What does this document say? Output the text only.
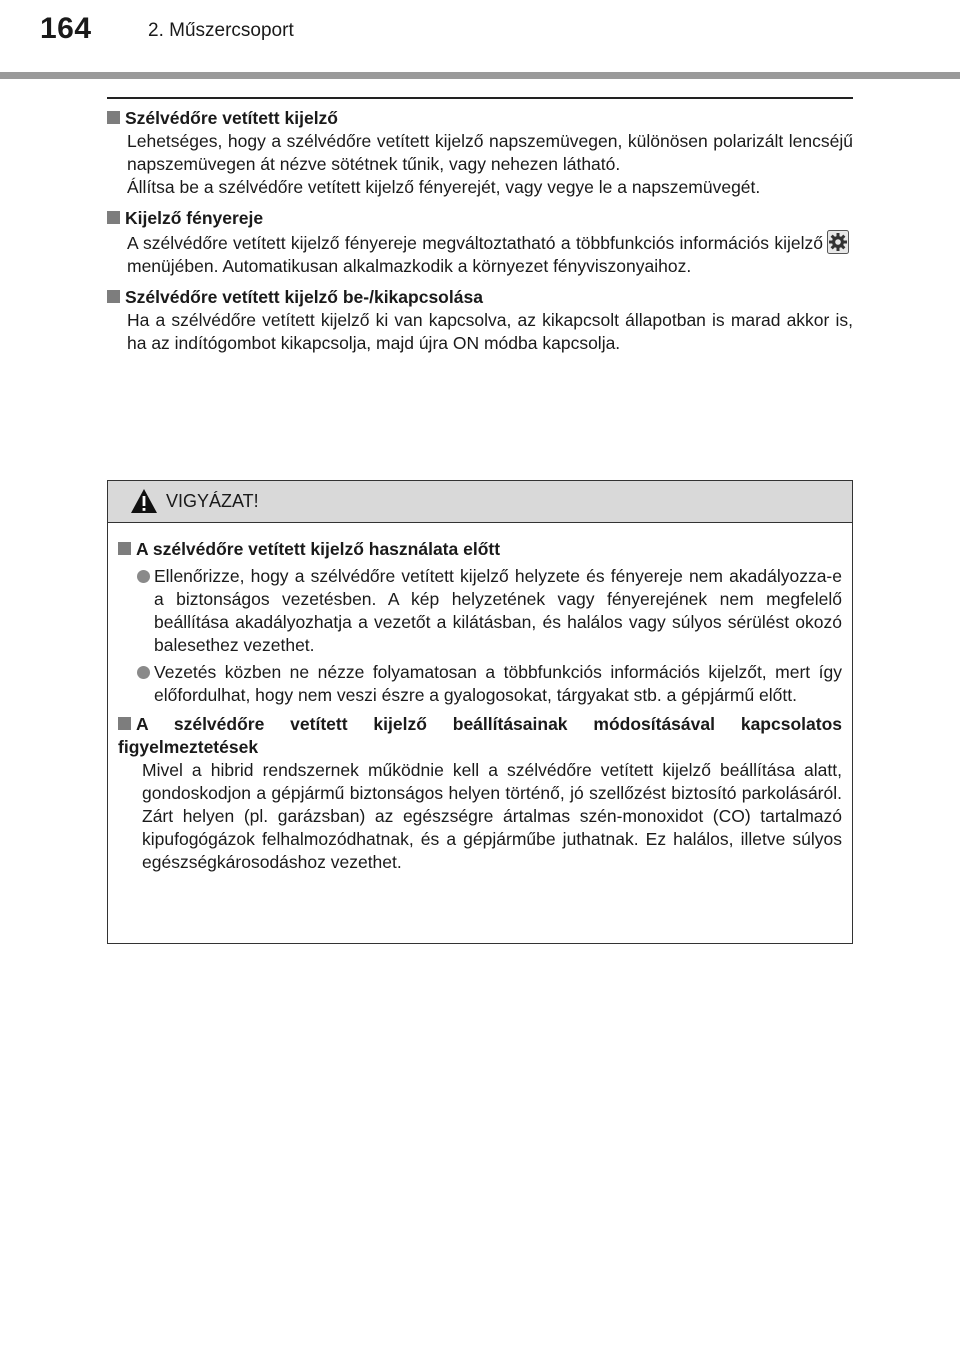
164	2. Műszercsoport
Szélvédőre vetített kijelző

Lehetséges, hogy a szélvédőre vetített kijelző napszemüvegen, különösen polarizált lencséjű napszemüvegen át nézve sötétnek tűnik, vagy nehezen látható.

Állítsa be a szélvédőre vetített kijelző fényerejét, vagy vegye le a napszemüvegét.

Kijelző fényereje

A szélvédőre vetített kijelző fényereje megváltoztatható a többfunkciós információs kijelzőmenüjében. Automatikusan alkalmazkodik a környezet fényviszonyaihoz.

Szélvédőre vetített kijelző be-/kikapcsolása

Ha a szélvédőre vetített kijelző ki van kapcsolva, az kikapcsolt állapotban is marad akkor is, ha az indítógombot kikapcsolja, majd újra ON módba kapcsolja.

VIGYÁZAT!
A szélvédőre vetített kijelző használata előtt
Ellenőrizze, hogy a szélvédőre vetített kijelző helyzete és fényereje nem akadályozza-e a biztonságos vezetésben. A kép helyzetének vagy fényerejének nem megfelelő beállítása akadályozhatja a vezetőt a kilátásban, és halálos vagy súlyos sérülést okozó balesethez vezethet.
Vezetés közben ne nézze folyamatosan a többfunkciós információs kijelzőt, mert így előfordulhat, hogy nem veszi észre a gyalogosokat, tárgyakat stb. a gépjármű előtt.
A szélvédőre vetített kijelző beállításainak módosításával kapcsolatos figyelmeztetések
Mivel a hibrid rendszernek működnie kell a szélvédőre vetített kijelző beállítása alatt, gondoskodjon a gépjármű biztonságos helyen történő, jó szellőzést biztosító parkolásáról. Zárt helyen (pl. garázsban) az egészségre ártalmas szén-monoxidot (CO) tartalmazó kipufogógázok felhalmozódhatnak, és a gépjárműbe juthatnak. Ez halálos, illetve súlyos egészségkárosodáshoz vezethet.
